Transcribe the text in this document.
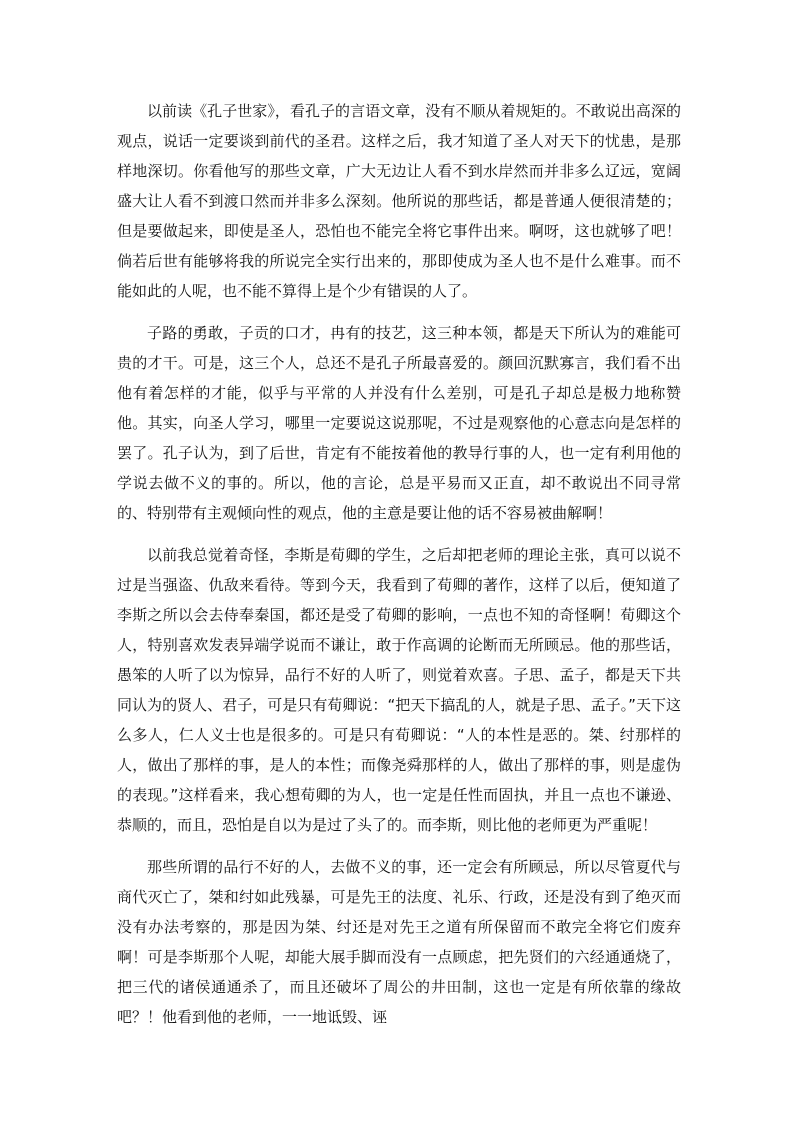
以前读《孔子世家》，看孔子的言语文章，没有不顺从着规矩的。不敢说出高深的观点，说话一定要谈到前代的圣君。这样之后，我才知道了圣人对天下的忧患，是那样地深切。你看他写的那些文章，广大无边让人看不到水岸然而并非多么辽远，宽阔盛大让人看不到渡口然而并非多么深刻。他所说的那些话，都是普通人便很清楚的；但是要做起来，即使是圣人，恐怕也不能完全将它事件出来。啊呀，这也就够了吧！倘若后世有能够将我的所说完全实行出来的，那即使成为圣人也不是什么难事。而不能如此的人呢，也不能不算得上是个少有错误的人了。

子路的勇敢，子贡的口才，冉有的技艺，这三种本领，都是天下所认为的难能可贵的才干。可是，这三个人，总还不是孔子所最喜爱的。颜回沉默寡言，我们看不出他有着怎样的才能，似乎与平常的人并没有什么差别，可是孔子却总是极力地称赞他。其实，向圣人学习，哪里一定要说这说那呢，不过是观察他的心意志向是怎样的罢了。孔子认为，到了后世，肯定有不能按着他的教导行事的人，也一定有利用他的学说去做不义的事的。所以，他的言论，总是平易而又正直，却不敢说出不同寻常的、特别带有主观倾向性的观点，他的主意是要让他的话不容易被曲解啊！

以前我总觉着奇怪，李斯是荀卿的学生，之后却把老师的理论主张，真可以说不过是当强盗、仇敌来看待。等到今天，我看到了荀卿的著作，这样了以后，便知道了李斯之所以会去侍奉秦国，都还是受了荀卿的影响，一点也不知的奇怪啊！荀卿这个人，特别喜欢发表异端学说而不谦让，敢于作高调的论断而无所顾忌。他的那些话，愚笨的人听了以为惊异，品行不好的人听了，则觉着欢喜。子思、孟子，都是天下共同认为的贤人、君子，可是只有荀卿说：“把天下搞乱的人，就是子思、孟子。”天下这么多人，仁人义士也是很多的。可是只有荀卿说：“人的本性是恶的。桀、纣那样的人，做出了那样的事，是人的本性；而像尧舜那样的人，做出了那样的事，则是虚伪的表现。”这样看来，我心想荀卿的为人，也一定是任性而固执，并且一点也不谦逊、恭顺的，而且，恐怕是自以为是过了头了的。而李斯，则比他的老师更为严重呢！

那些所谓的品行不好的人，去做不义的事，还一定会有所顾忌，所以尽管夏代与商代灭亡了，桀和纣如此残暴，可是先王的法度、礼乐、行政，还是没有到了绝灭而没有办法考察的，那是因为桀、纣还是对先王之道有所保留而不敢完全将它们废弃啊！可是李斯那个人呢，却能大展手脚而没有一点顾虑，把先贤们的六经通通烧了，把三代的诸侯通通杀了，而且还破坏了周公的井田制，这也一定是有所依靠的缘故吧？！他看到他的老师，一一地诋毁、诬
